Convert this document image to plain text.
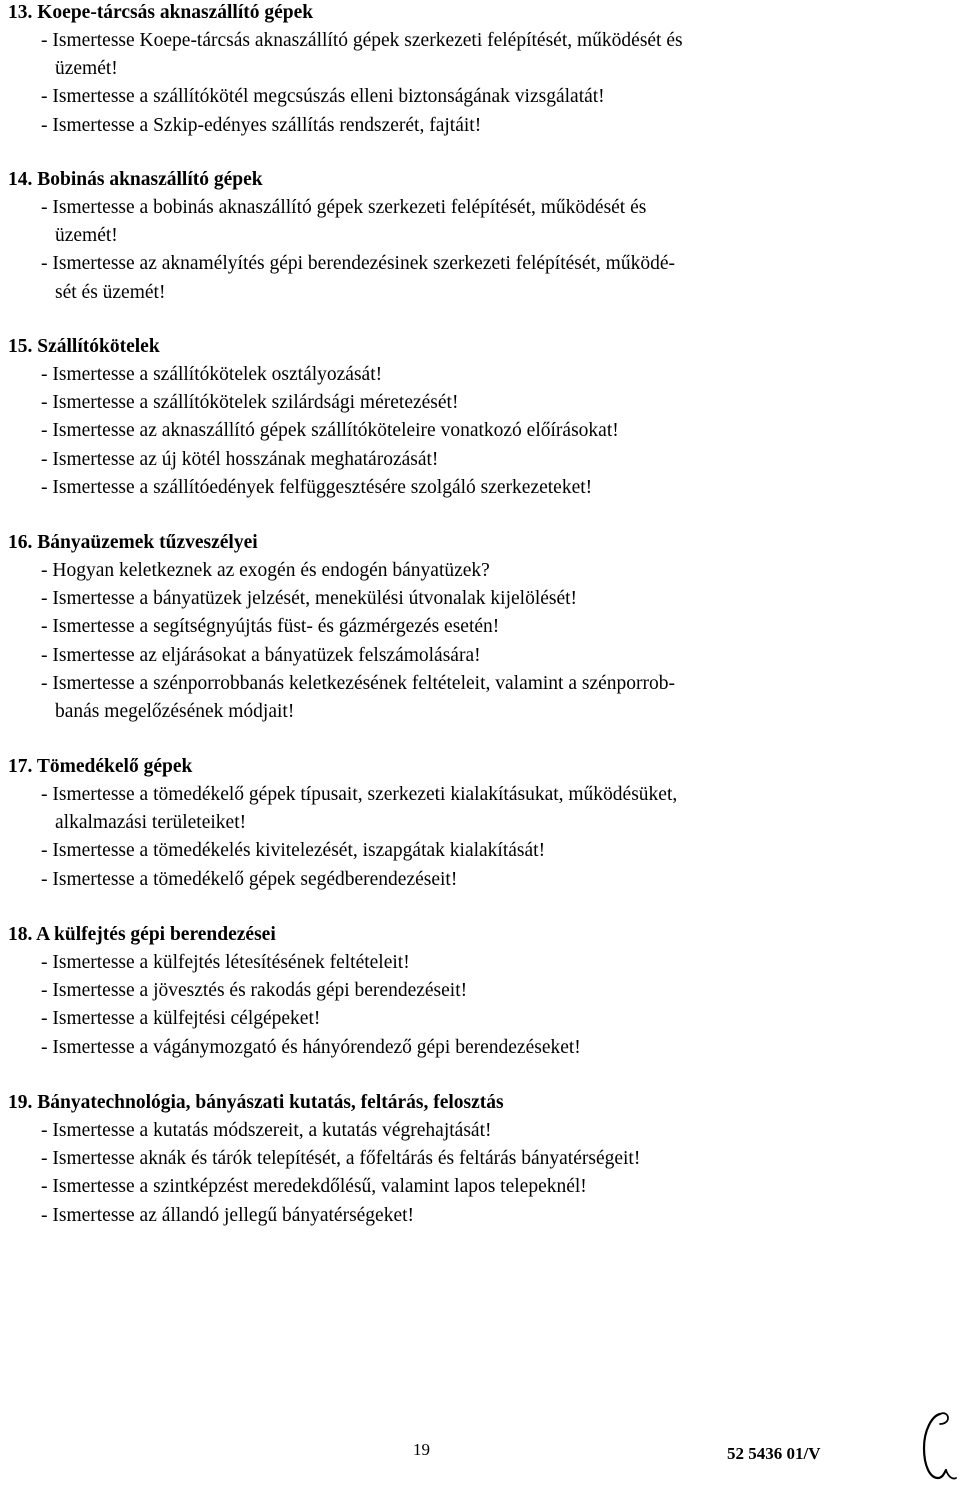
13. Koepe-tárcsás aknaszállító gépek
- Ismertesse Koepe-tárcsás aknaszállító gépek szerkezeti felépítését, működését és
üzemét!
- Ismertesse a szállítókötél megcsúszás elleni biztonságának vizsgálatát!
- Ismertesse a Szkip-edényes szállítás rendszerét, fajtáit!
14. Bobinás aknaszállító gépek
- Ismertesse a bobinás aknaszállító gépek szerkezeti felépítését, működését és
üzemét!
- Ismertesse az aknamélyítés gépi berendezésinek szerkezeti felépítését, működé-
sét és üzemét!
15. Szállítókötelek
- Ismertesse a szállítókötelek osztályozását!
- Ismertesse a szállítókötelek szilárdsági méretezését!
- Ismertesse az aknaszállító gépek szállítóköteleire vonatkozó előírásokat!
- Ismertesse az új kötél hosszának meghatározását!
- Ismertesse a szállítóedények felfüggesztésére szolgáló szerkezeteket!
16. Bányaüzemek tűzveszélyei
- Hogyan keletkeznek az exogén és endogén bányatüzek?
- Ismertesse a bányatüzek jelzését, menekülési útvonalak kijelölését!
- Ismertesse a segítségnyújtás füst- és gázmérgezés esetén!
- Ismertesse az eljárásokat a bányatüzek felszámolására!
- Ismertesse a szénporrobbanás keletkezésének feltételeit, valamint a szénporrob-
banás megelőzésének módjait!
17. Tömedékelő gépek
- Ismertesse a tömedékelő gépek típusait, szerkezeti kialakításukat, működésüket,
alkalmazási területeiket!
- Ismertesse a tömedékelés kivitelezését, iszapgátak kialakítását!
- Ismertesse a tömedékelő gépek segédberendezéseit!
18. A külfejtés gépi berendezései
- Ismertesse a külfejtés létesítésének feltételeit!
- Ismertesse a jövesztés és rakodás gépi berendezéseit!
- Ismertesse a külfejtési célgépeket!
- Ismertesse a vágánymozgató és hányórendező gépi berendezéseket!
19. Bányatechnológia, bányászati kutatás, feltárás, felosztás
- Ismertesse a kutatás módszereit, a kutatás végrehajtását!
- Ismertesse aknák és tárók telepítését, a főfeltárás és feltárás bányatérségeit!
- Ismertesse a szintképzést meredekdőlésű, valamint lapos telepeknél!
- Ismertesse az állandó jellegű bányatérségeket!
19	52 5436 01/V
